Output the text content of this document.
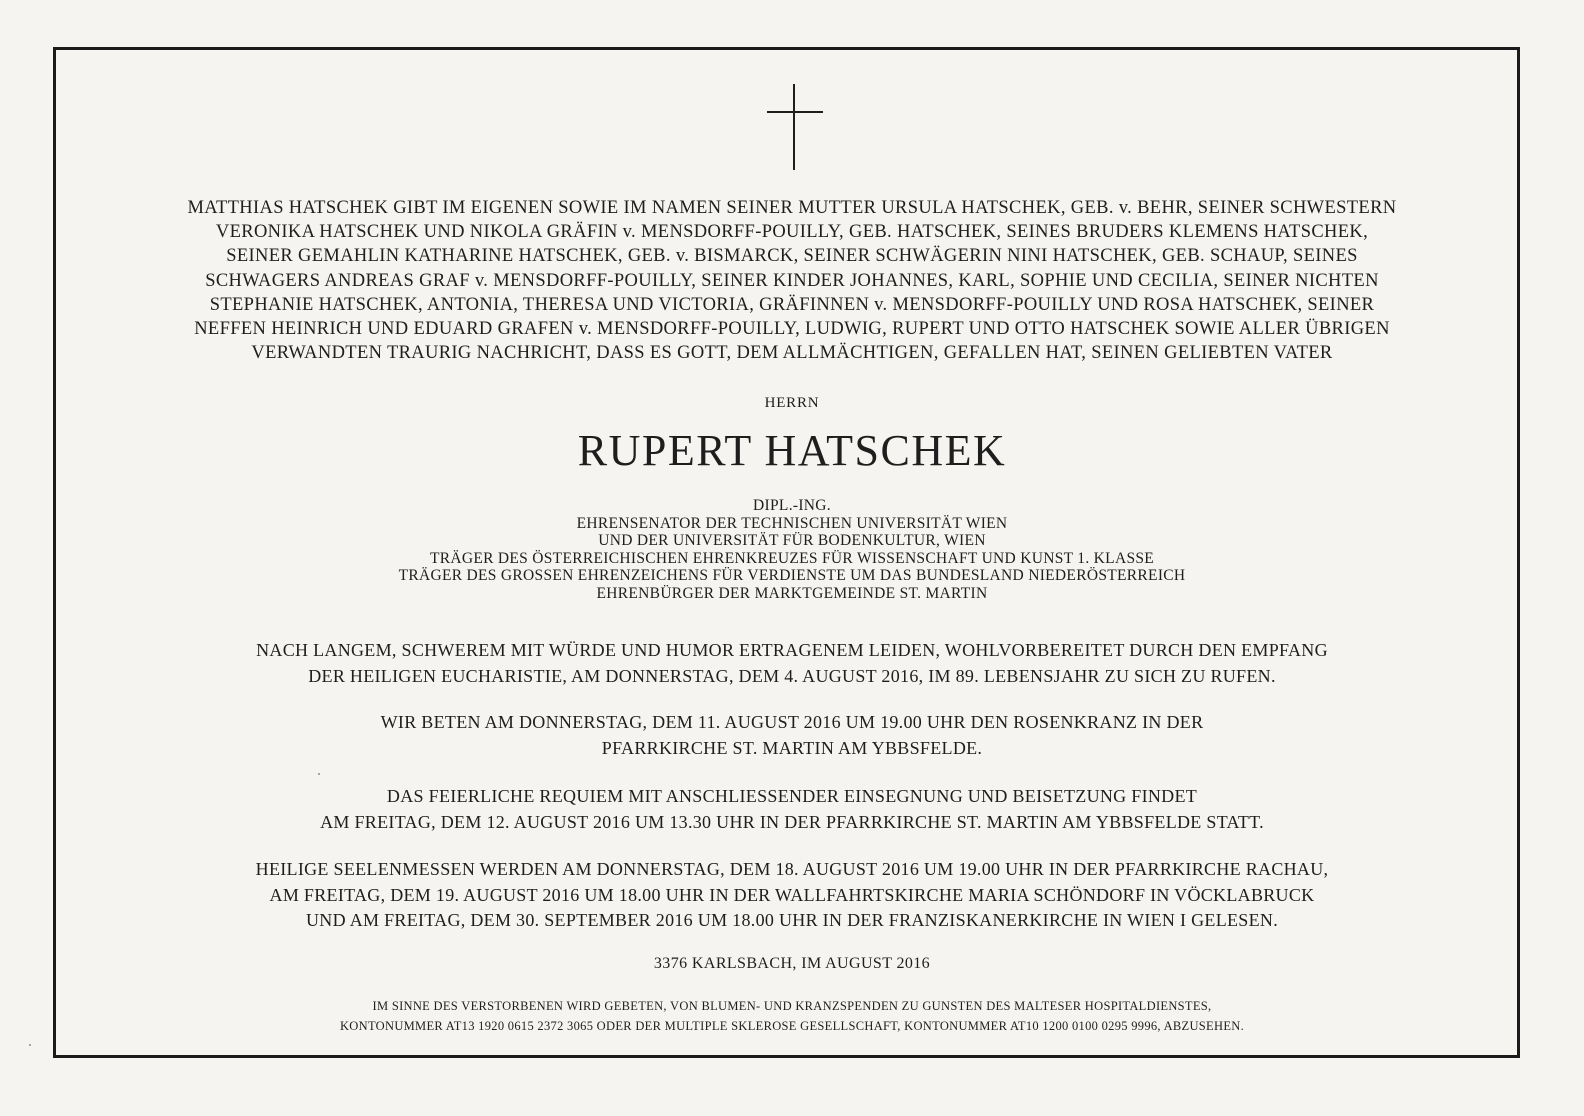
MATTHIAS HATSCHEK GIBT IM EIGENEN SOWIE IM NAMEN SEINER MUTTER URSULA HATSCHEK, GEB. v. BEHR, SEINER SCHWESTERN
VERONIKA HATSCHEK UND NIKOLA GRÄFIN v. MENSDORFF-POUILLY, GEB. HATSCHEK, SEINES BRUDERS KLEMENS HATSCHEK,
SEINER GEMAHLIN KATHARINE HATSCHEK, GEB. v. BISMARCK, SEINER SCHWÄGERIN NINI HATSCHEK, GEB. SCHAUP, SEINES
SCHWAGERS ANDREAS GRAF v. MENSDORFF-POUILLY, SEINER KINDER JOHANNES, KARL, SOPHIE UND CECILIA, SEINER NICHTEN
STEPHANIE HATSCHEK, ANTONIA, THERESA UND VICTORIA, GRÄFINNEN v. MENSDORFF-POUILLY UND ROSA HATSCHEK, SEINER
NEFFEN HEINRICH UND EDUARD GRAFEN v. MENSDORFF-POUILLY, LUDWIG, RUPERT UND OTTO HATSCHEK SOWIE ALLER ÜBRIGEN
VERWANDTEN TRAURIG NACHRICHT, DASS ES GOTT, DEM ALLMÄCHTIGEN, GEFALLEN HAT, SEINEN GELIEBTEN VATER
HERRN
RUPERT HATSCHEK
DIPL.-ING.
EHRENSENATOR DER TECHNISCHEN UNIVERSITÄT WIEN
UND DER UNIVERSITÄT FÜR BODENKULTUR, WIEN
TRÄGER DES ÖSTERREICHISCHEN EHRENKREUZES FÜR WISSENSCHAFT UND KUNST 1. KLASSE
TRÄGER DES GROSSEN EHRENZEICHENS FÜR VERDIENSTE UM DAS BUNDESLAND NIEDERÖSTERREICH
EHRENBÜRGER DER MARKTGEMEINDE ST. MARTIN
NACH LANGEM, SCHWEREM MIT WÜRDE UND HUMOR ERTRAGENEM LEIDEN, WOHLVORBEREITET DURCH DEN EMPFANG
DER HEILIGEN EUCHARISTIE, AM DONNERSTAG, DEM 4. AUGUST 2016, IM 89. LEBENSJAHR ZU SICH ZU RUFEN.
WIR BETEN AM DONNERSTAG, DEM 11. AUGUST 2016 UM 19.00 UHR DEN ROSENKRANZ IN DER
PFARRKIRCHE ST. MARTIN AM YBBSFELDE.
DAS FEIERLICHE REQUIEM MIT ANSCHLIESSENDER EINSEGNUNG UND BEISETZUNG FINDET
AM FREITAG, DEM 12. AUGUST 2016 UM 13.30 UHR IN DER PFARRKIRCHE ST. MARTIN AM YBBSFELDE STATT.
HEILIGE SEELENMESSEN WERDEN AM DONNERSTAG, DEM 18. AUGUST 2016 UM 19.00 UHR IN DER PFARRKIRCHE RACHAU,
AM FREITAG, DEM 19. AUGUST 2016 UM 18.00 UHR IN DER WALLFAHRTSKIRCHE MARIA SCHÖNDORF IN VÖCKLABRUCK
UND AM FREITAG, DEM 30. SEPTEMBER 2016 UM 18.00 UHR IN DER FRANZISKANERKIRCHE IN WIEN I GELESEN.
3376 KARLSBACH, IM AUGUST 2016
IM SINNE DES VERSTORBENEN WIRD GEBETEN, VON BLUMEN- UND KRANZSPENDEN ZU GUNSTEN DES MALTESER HOSPITALDIENSTES,
KONTONUMMER AT13 1920 0615 2372 3065 ODER DER MULTIPLE SKLEROSE GESELLSCHAFT, KONTONUMMER AT10 1200 0100 0295 9996, ABZUSEHEN.
